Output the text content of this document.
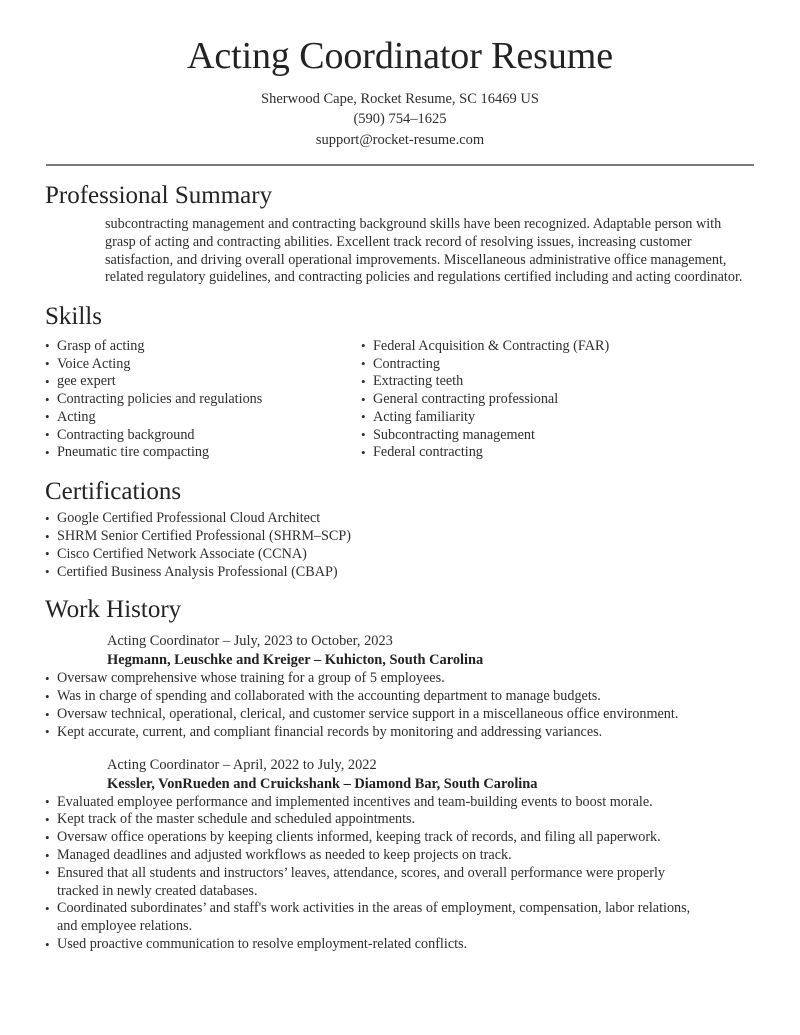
Acting Coordinator Resume
Sherwood Cape, Rocket Resume, SC 16469 US
(590) 754–1625
support@rocket-resume.com
Professional Summary

subcontracting management and contracting background skills have been recognized. Adaptable person with grasp of acting and contracting abilities. Excellent track record of resolving issues, increasing customer satisfaction, and driving overall operational improvements. Miscellaneous administrative office management, related regulatory guidelines, and contracting policies and regulations certified including and acting coordinator.

Skills
• Grasp of acting
• Voice Acting
• gee expert
• Contracting policies and regulations
• Acting
• Contracting background
• Pneumatic tire compacting
• Federal Acquisition & Contracting (FAR)
• Contracting
• Extracting teeth
• General contracting professional
• Acting familiarity
• Subcontracting management
• Federal contracting
Certifications
• Google Certified Professional Cloud Architect
• SHRM Senior Certified Professional (SHRM–SCP)
• Cisco Certified Network Associate (CCNA)
• Certified Business Analysis Professional (CBAP)
Work History
Acting Coordinator – July, 2023 to October, 2023
Hegmann, Leuschke and Kreiger – Kuhicton, South Carolina
• Oversaw comprehensive whose training for a group of 5 employees.
• Was in charge of spending and collaborated with the accounting department to manage budgets.
• Oversaw technical, operational, clerical, and customer service support in a miscellaneous office environment.
• Kept accurate, current, and compliant financial records by monitoring and addressing variances.
Acting Coordinator – April, 2022 to July, 2022
Kessler, VonRueden and Cruickshank – Diamond Bar, South Carolina
• Evaluated employee performance and implemented incentives and team-building events to boost morale.
• Kept track of the master schedule and scheduled appointments.
• Oversaw office operations by keeping clients informed, keeping track of records, and filing all paperwork.
• Managed deadlines and adjusted workflows as needed to keep projects on track.
• Ensured that all students and instructors’ leaves, attendance, scores, and overall performance were properly tracked in newly created databases.
• Coordinated subordinates’ and staff's work activities in the areas of employment, compensation, labor relations, and employee relations.
• Used proactive communication to resolve employment-related conflicts.
